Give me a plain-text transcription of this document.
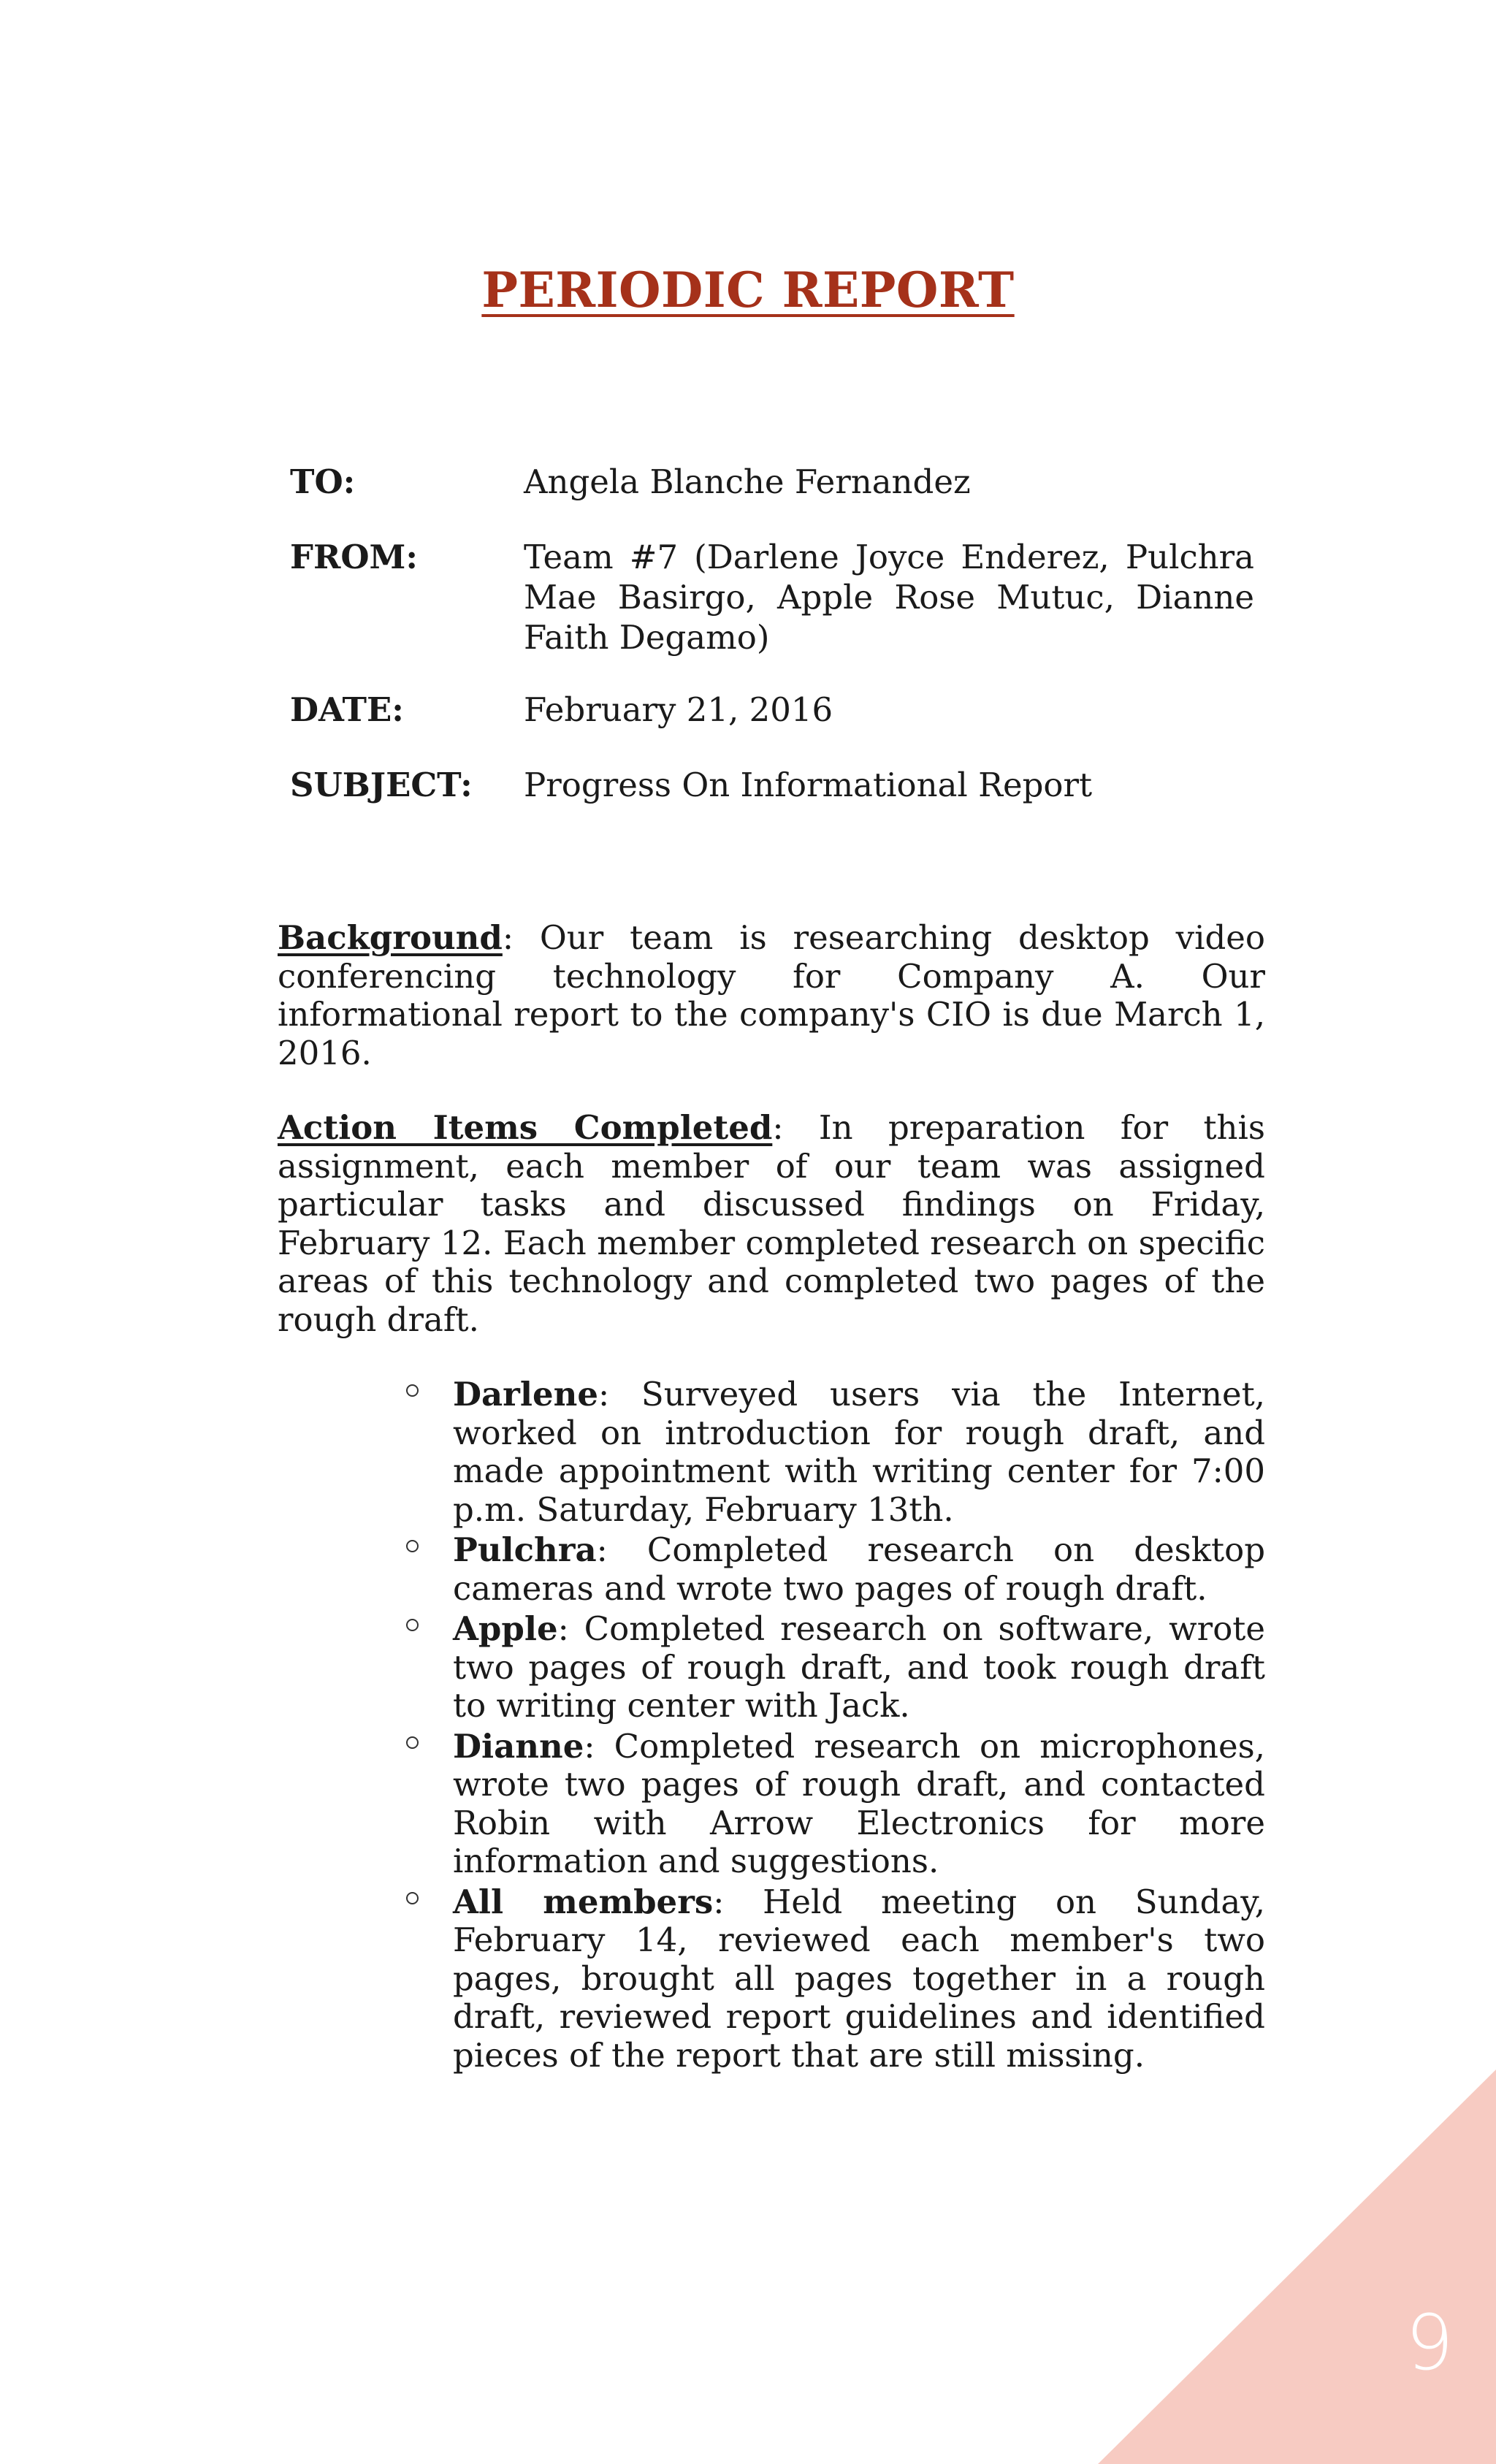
PERIODIC REPORT
TO:	Angela Blanche Fernandez
FROM:	Team #7 (Darlene Joyce Enderez, Pulchra Mae Basirgo, Apple Rose Mutuc, Dianne Faith Degamo)
DATE:	February 21, 2016
SUBJECT:	Progress On Informational Report

Background: Our team is researching desktop video conferencing technology for Company A. Our informational report to the company's CIO is due March 1, 2016.

Action Items Completed: In preparation for this assignment, each member of our team was assigned particular tasks and discussed findings on Friday, February 12. Each member completed research on specific areas of this technology and completed two pages of the rough draft.

Darlene: Surveyed users via the Internet, worked on introduction for rough draft, and made appointment with writing center for 7:00 p.m. Saturday, February 13th.
Pulchra: Completed research on desktop cameras and wrote two pages of rough draft.
Apple: Completed research on software, wrote two pages of rough draft, and took rough draft to writing center with Jack.
Dianne: Completed research on microphones, wrote two pages of rough draft, and contacted Robin with Arrow Electronics for more information and suggestions.
All members: Held meeting on Sunday, February 14, reviewed each member's two pages, brought all pages together in a rough draft, reviewed report guidelines and identified pieces of the report that are still missing.
9
